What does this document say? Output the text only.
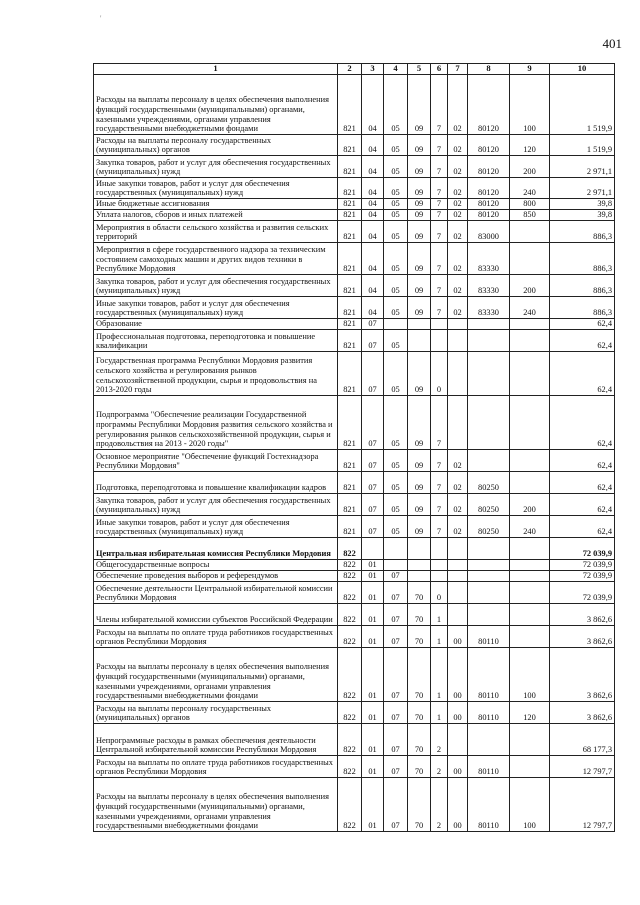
'
401
1	2	3	4	5	6	7	8	9	10
Расходы на выплаты персоналу в целях обеспечения выполнения функций государственными (муниципальными) органами, казенными учреждениями, органами управления государственными внебюджетными фондами	821	04	05	09	7	02	80120	100	1 519,9
Расходы на выплаты персоналу государственных (муниципальных) органов	821	04	05	09	7	02	80120	120	1 519,9
Закупка товаров, работ и услуг для обеспечения государственных (муниципальных) нужд	821	04	05	09	7	02	80120	200	2 971,1
Иные закупки товаров, работ и услуг для обеспечения государственных (муниципальных) нужд	821	04	05	09	7	02	80120	240	2 971,1
Иные бюджетные ассигнования	821	04	05	09	7	02	80120	800	39,8
Уплата налогов, сборов и иных платежей	821	04	05	09	7	02	80120	850	39,8
Мероприятия в области сельского хозяйства и развития сельских территорий	821	04	05	09	7	02	83000		886,3
Мероприятия в сфере государственного надзора за техническим состоянием самоходных машин и других видов техники в Республике Мордовия	821	04	05	09	7	02	83330		886,3
Закупка товаров, работ и услуг для обеспечения государственных (муниципальных) нужд	821	04	05	09	7	02	83330	200	886,3
Иные закупки товаров, работ и услуг для обеспечения государственных (муниципальных) нужд	821	04	05	09	7	02	83330	240	886,3
Образование	821	07							62,4
Профессиональная подготовка, переподготовка и повышение квалификации	821	07	05						62,4
Государственная программа Республики Мордовия развития сельского хозяйства и регулирования рынков сельскохозяйственной продукции, сырья и продовольствия на 2013-2020 годы	821	07	05	09	0				62,4
Подпрограмма "Обеспечение реализации Государственной программы Республики Мордовия развития сельского хозяйства и регулирования рынков сельскохозяйственной продукции, сырья и продовольствия на 2013 - 2020 годы"	821	07	05	09	7				62,4
Основное мероприятие "Обеспечение функций Гостехнадзора Республики Мордовия"	821	07	05	09	7	02			62,4
Подготовка, переподготовка и повышение квалификации кадров	821	07	05	09	7	02	80250		62,4
Закупка товаров, работ и услуг для обеспечения государственных (муниципальных) нужд	821	07	05	09	7	02	80250	200	62,4
Иные закупки товаров, работ и услуг для обеспечения государственных (муниципальных) нужд	821	07	05	09	7	02	80250	240	62,4
Центральная избирательная комиссия Республики Мордовия	822								72 039,9
Общегосударственные вопросы	822	01							72 039,9
Обеспечение проведения выборов и референдумов	822	01	07						72 039,9
Обеспечение деятельности Центральной избирательной комиссии Республики Мордовия	822	01	07	70	0				72 039,9
Члены избирательной комиссии субъектов Российской Федерации	822	01	07	70	1				3 862,6
Расходы на выплаты по оплате труда работников государственных органов Республики Мордовия	822	01	07	70	1	00	80110		3 862,6
Расходы на выплаты персоналу в целях обеспечения выполнения функций государственными (муниципальными) органами, казенными учреждениями, органами управления государственными внебюджетными фондами	822	01	07	70	1	00	80110	100	3 862,6
Расходы на выплаты персоналу государственных (муниципальных) органов	822	01	07	70	1	00	80110	120	3 862,6
Непрограммные расходы в рамках обеспечения деятельности Центральной избирательной комиссии Республики Мордовия	822	01	07	70	2				68 177,3
Расходы на выплаты по оплате труда работников государственных органов Республики Мордовия	822	01	07	70	2	00	80110		12 797,7
Расходы на выплаты персоналу в целях обеспечения выполнения функций государственными (муниципальными) органами, казенными учреждениями, органами управления государственными внебюджетными фондами	822	01	07	70	2	00	80110	100	12 797,7
